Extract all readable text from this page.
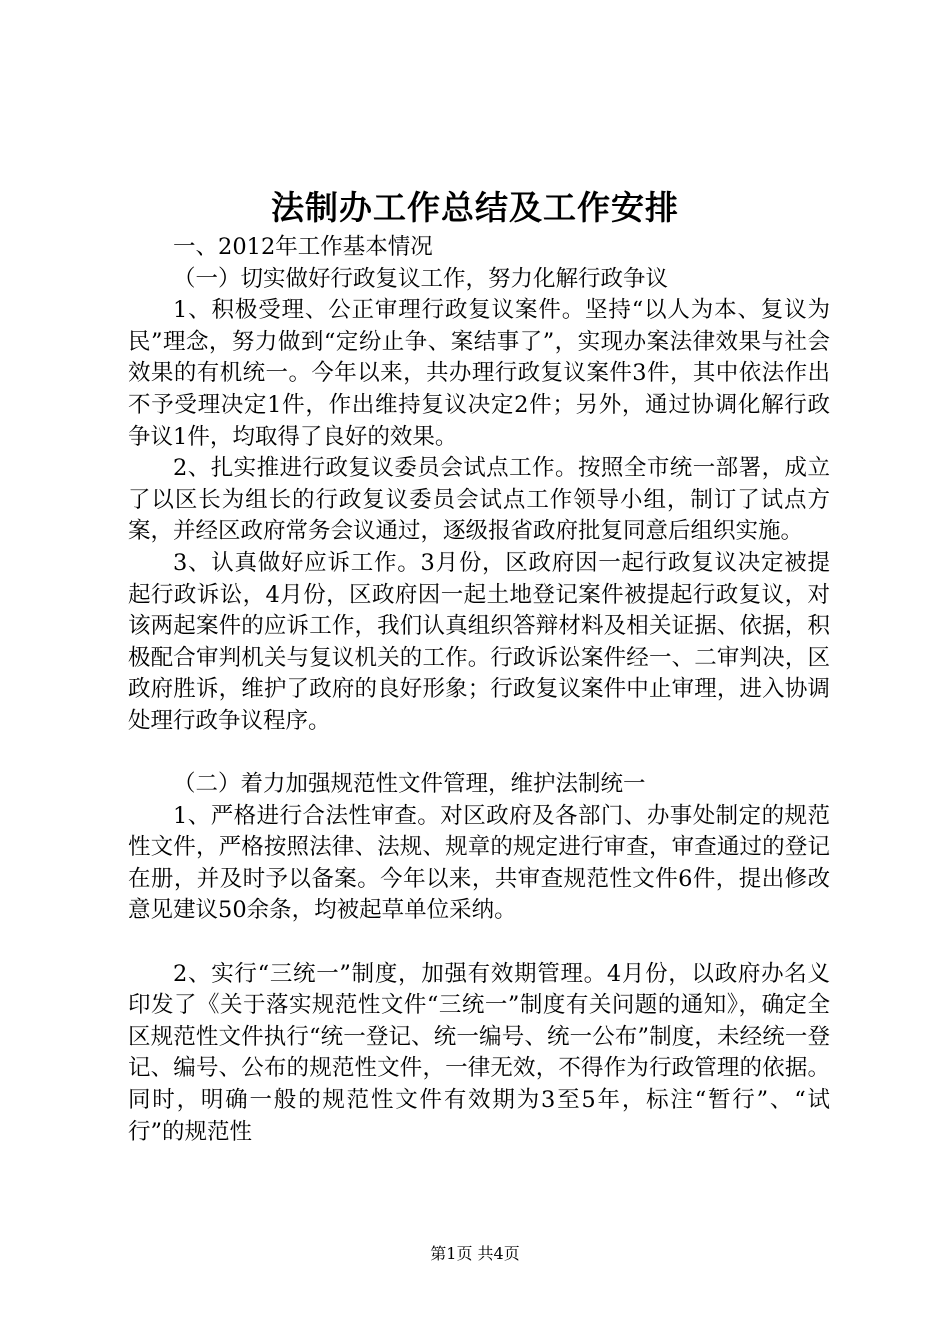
法制办工作总结及工作安排

一、2012年工作基本情况

（一）切实做好行政复议工作，努力化解行政争议

1、积极受理、公正审理行政复议案件。坚持“以人为本、复议为民”理念，努力做到“定纷止争、案结事了”，实现办案法律效果与社会效果的有机统一。今年以来，共办理行政复议案件3件，其中依法作出不予受理决定1件，作出维持复议决定2件；另外，通过协调化解行政争议1件，均取得了良好的效果。

2、扎实推进行政复议委员会试点工作。按照全市统一部署，成立了以区长为组长的行政复议委员会试点工作领导小组，制订了试点方案，并经区政府常务会议通过，逐级报省政府批复同意后组织实施。

3、认真做好应诉工作。3月份，区政府因一起行政复议决定被提起行政诉讼，4月份，区政府因一起土地登记案件被提起行政复议，对该两起案件的应诉工作，我们认真组织答辩材料及相关证据、依据，积极配合审判机关与复议机关的工作。行政诉讼案件经一、二审判决，区政府胜诉，维护了政府的良好形象；行政复议案件中止审理，进入协调处理行政争议程序。

（二）着力加强规范性文件管理，维护法制统一

1、严格进行合法性审查。对区政府及各部门、办事处制定的规范性文件，严格按照法律、法规、规章的规定进行审查，审查通过的登记在册，并及时予以备案。今年以来，共审查规范性文件6件，提出修改意见建议50余条，均被起草单位采纳。

2、实行“三统一”制度，加强有效期管理。4月份，以政府办名义印发了《关于落实规范性文件“三统一”制度有关问题的通知》，确定全区规范性文件执行“统一登记、统一编号、统一公布”制度，未经统一登记、编号、公布的规范性文件，一律无效，不得作为行政管理的依据。同时，明确一般的规范性文件有效期为3至5年，标注“暂行”、“试行”的规范性

第1页 共4页
